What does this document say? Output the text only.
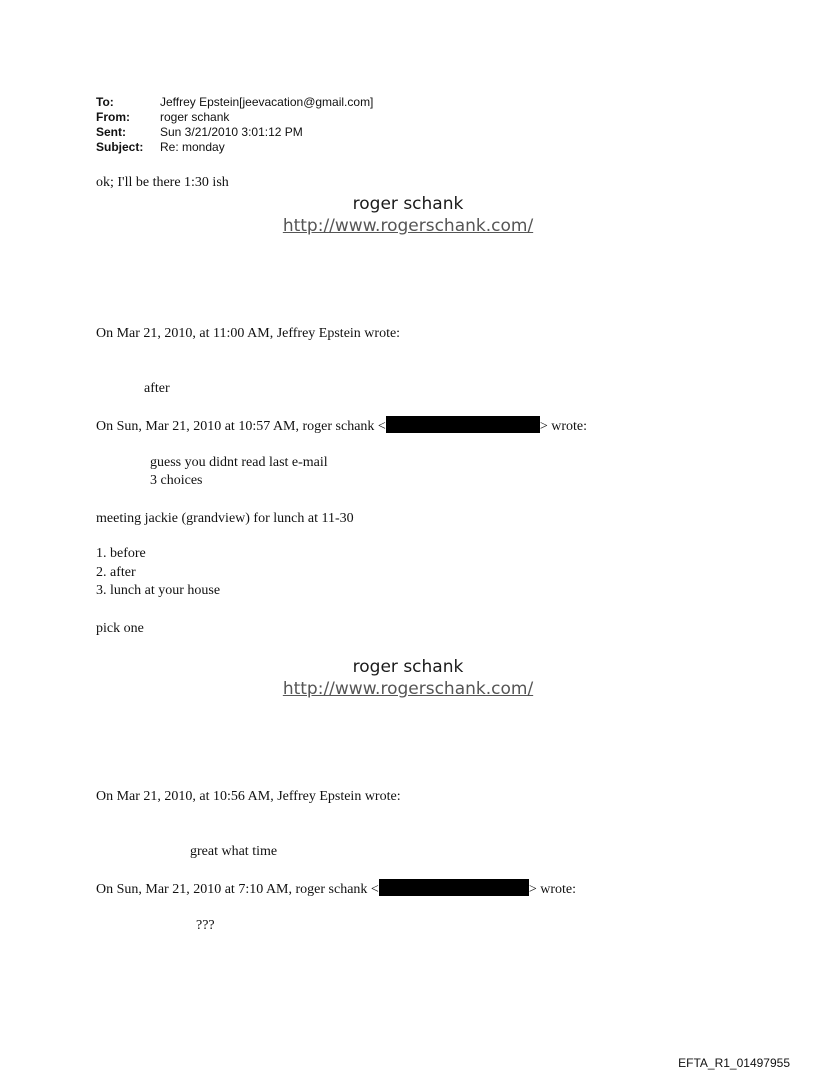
To:	Jeffrey Epstein[jeevacation@gmail.com]
From:	roger schank
Sent:	Sun 3/21/2010 3:01:12 PM
Subject:	Re: monday
ok; I'll be there 1:30 ish
roger schank
http://www.rogerschank.com/
On Mar 21, 2010, at 11:00 AM, Jeffrey Epstein wrote:
after
On Sun, Mar 21, 2010 at 10:57 AM, roger schank <	> wrote:
guess you didnt read last e-mail
3 choices
meeting jackie (grandview) for lunch at 11-30
1. before
2. after
3. lunch at your house
pick one
roger schank
http://www.rogerschank.com/
On Mar 21, 2010, at 10:56 AM, Jeffrey Epstein wrote:
great what time
On Sun, Mar 21, 2010 at 7:10 AM, roger schank <	> wrote:
???
EFTA_R1_01497955
